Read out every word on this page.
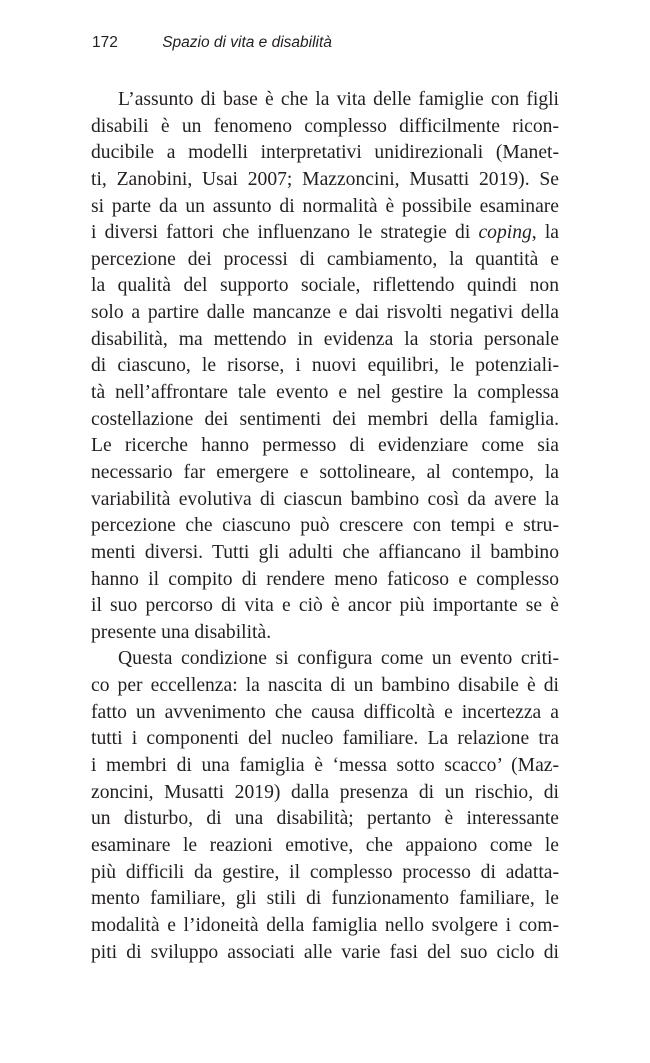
172	Spazio di vita e disabilità
L’assunto di base è che la vita delle famiglie con figli
disabili è un fenomeno complesso difficilmente ricon-
ducibile a modelli interpretativi unidirezionali (Manet-
ti, Zanobini, Usai 2007; Mazzoncini, Musatti 2019). Se
si parte da un assunto di normalità è possibile esaminare
i diversi fattori che influenzano le strategie di coping, la
percezione dei processi di cambiamento, la quantità e
la qualità del supporto sociale, riflettendo quindi non
solo a partire dalle mancanze e dai risvolti negativi della
disabilità, ma mettendo in evidenza la storia personale
di ciascuno, le risorse, i nuovi equilibri, le potenziali-
tà nell’affrontare tale evento e nel gestire la complessa
costellazione dei sentimenti dei membri della famiglia.
Le ricerche hanno permesso di evidenziare come sia
necessario far emergere e sottolineare, al contempo, la
variabilità evolutiva di ciascun bambino così da avere la
percezione che ciascuno può crescere con tempi e stru-
menti diversi. Tutti gli adulti che affiancano il bambino
hanno il compito di rendere meno faticoso e complesso
il suo percorso di vita e ciò è ancor più importante se è
presente una disabilità.
Questa condizione si configura come un evento criti-
co per eccellenza: la nascita di un bambino disabile è di
fatto un avvenimento che causa difficoltà e incertezza a
tutti i componenti del nucleo familiare. La relazione tra
i membri di una famiglia è ‘messa sotto scacco’ (Maz-
zoncini, Musatti 2019) dalla presenza di un rischio, di
un disturbo, di una disabilità; pertanto è interessante
esaminare le reazioni emotive, che appaiono come le
più difficili da gestire, il complesso processo di adatta-
mento familiare, gli stili di funzionamento familiare, le
modalità e l’idoneità della famiglia nello svolgere i com-
piti di sviluppo associati alle varie fasi del suo ciclo di
